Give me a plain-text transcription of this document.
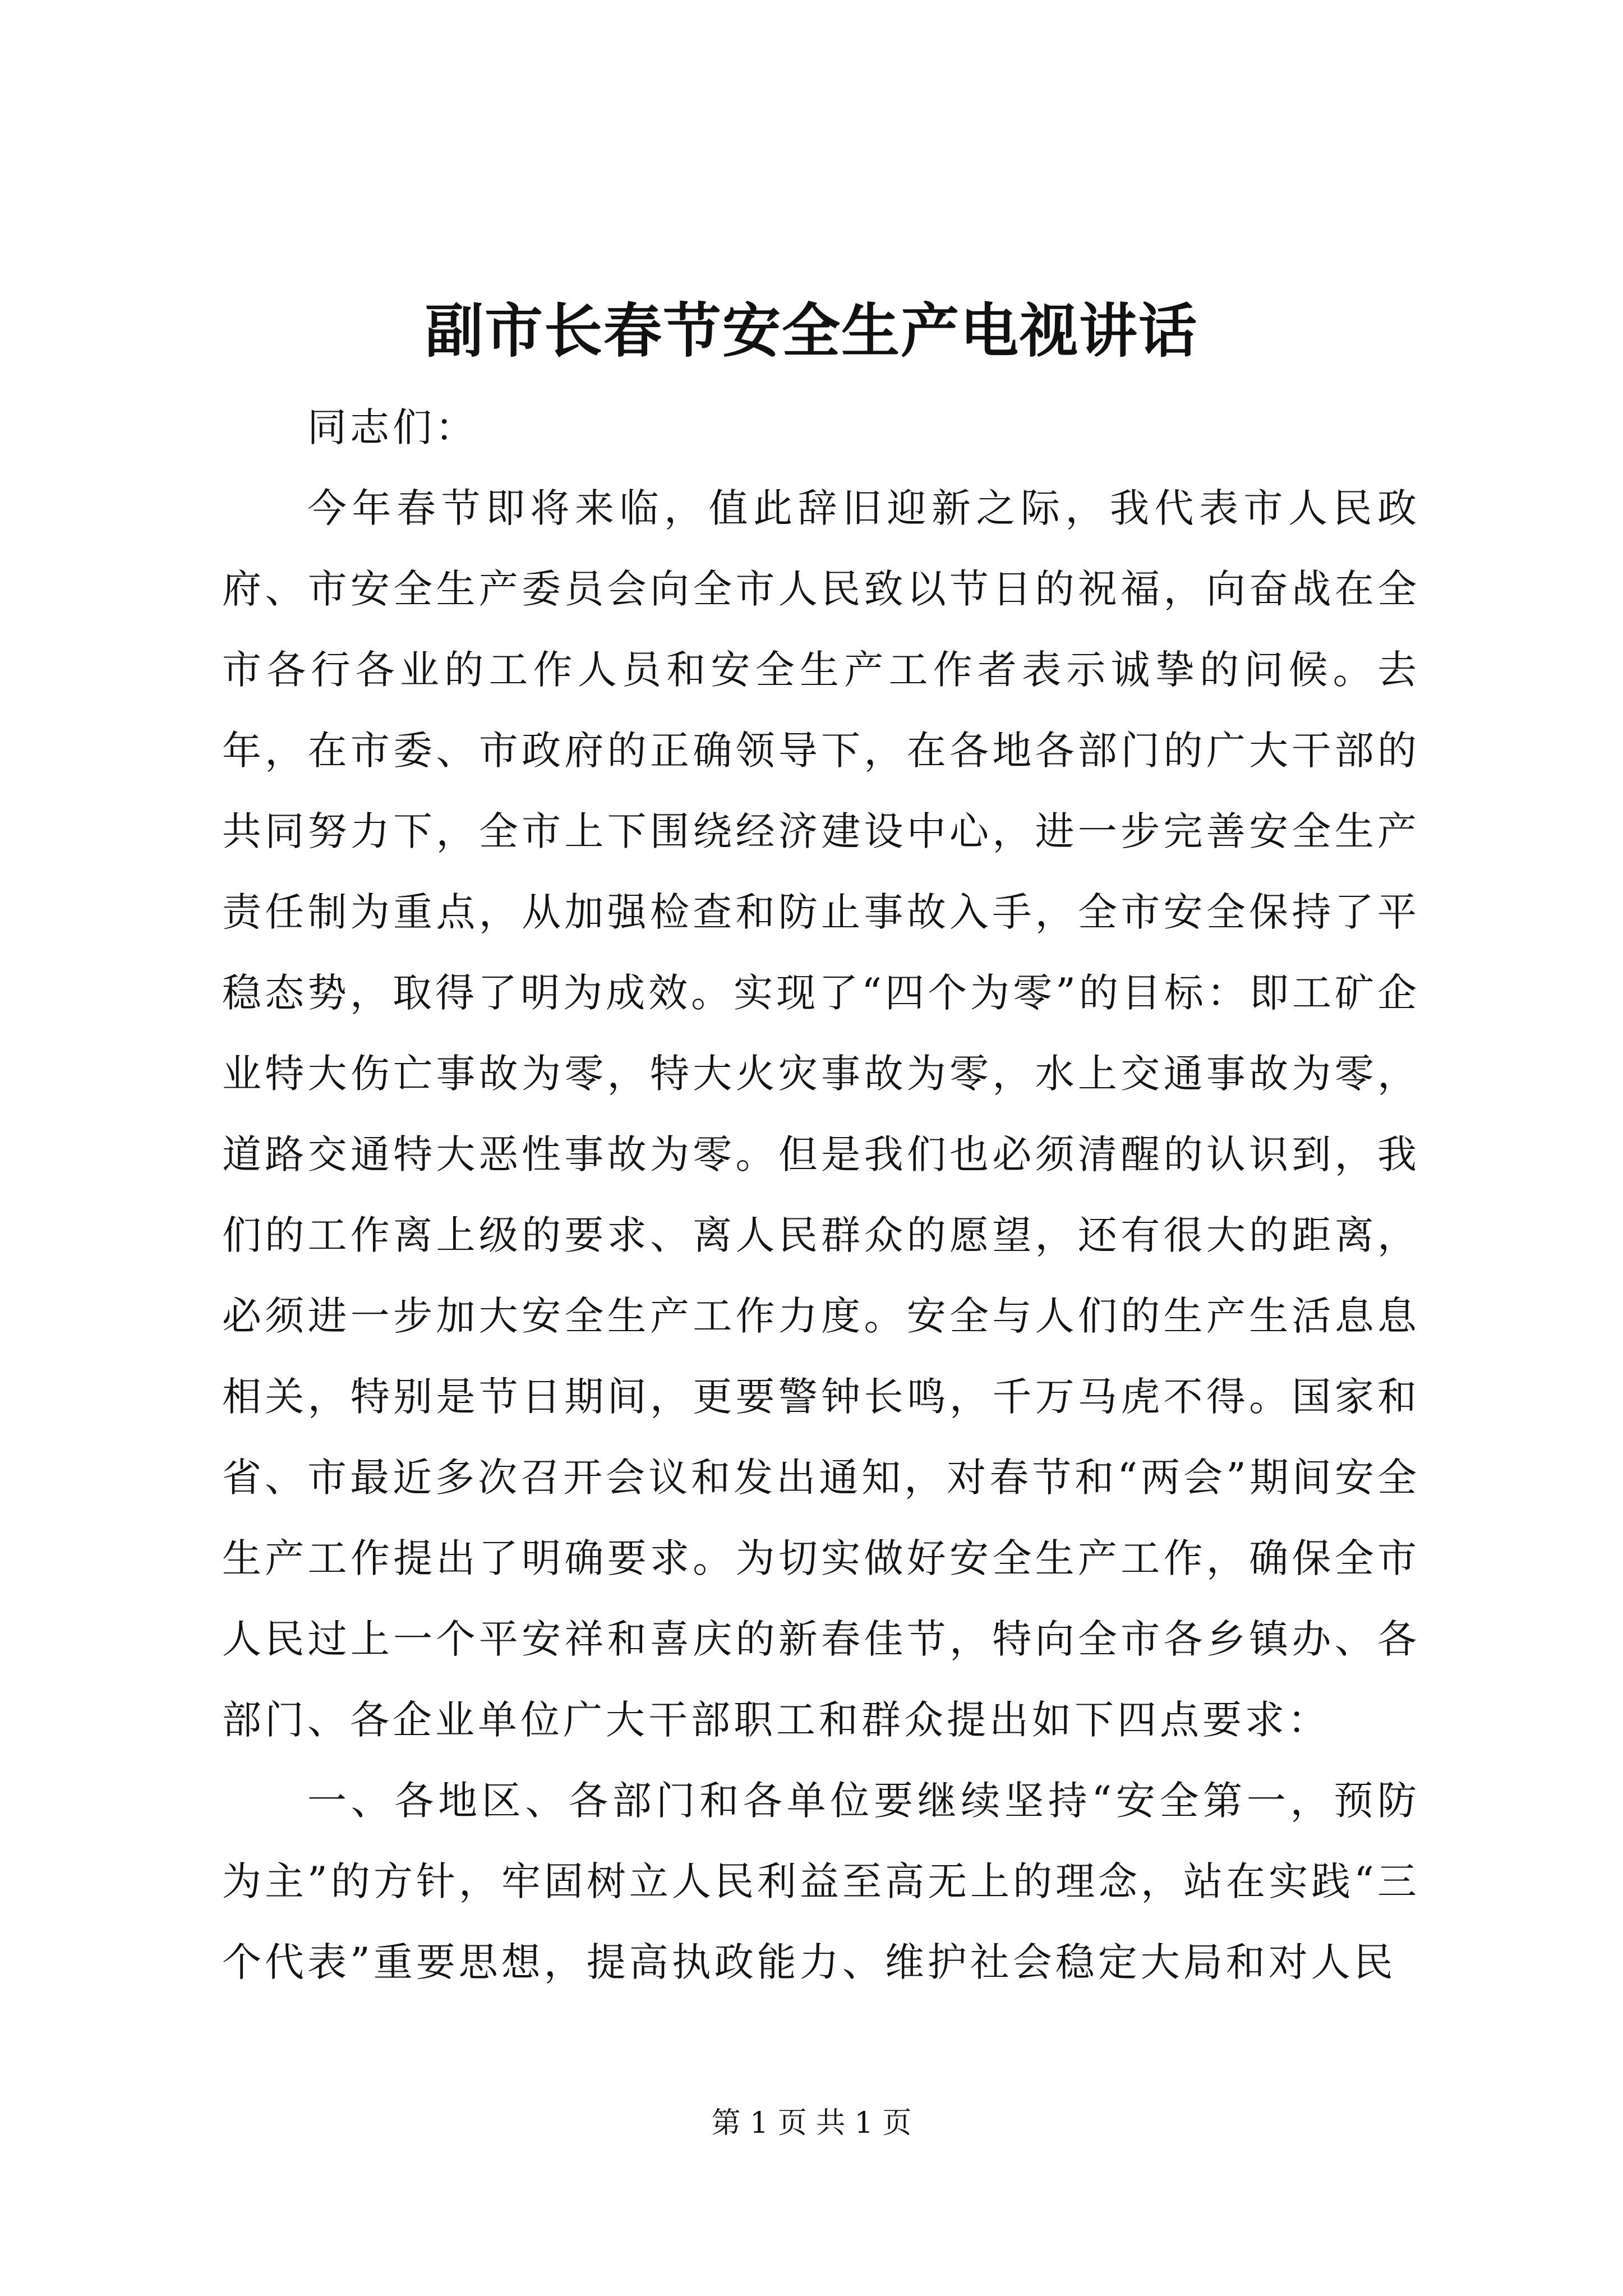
副市长春节安全生产电视讲话

同志们：

今年春节即将来临，值此辞旧迎新之际，我代表市人民政府、市安全生产委员会向全市人民致以节日的祝福，向奋战在全市各行各业的工作人员和安全生产工作者表示诚挚的问候。去年，在市委、市政府的正确领导下，在各地各部门的广大干部的共同努力下，全市上下围绕经济建设中心，进一步完善安全生产责任制为重点，从加强检查和防止事故入手，全市安全保持了平稳态势，取得了明为成效。实现了“四个为零”的目标：即工矿企业特大伤亡事故为零，特大火灾事故为零，水上交通事故为零，道路交通特大恶性事故为零。但是我们也必须清醒的认识到，我们的工作离上级的要求、离人民群众的愿望，还有很大的距离，必须进一步加大安全生产工作力度。安全与人们的生产生活息息相关，特别是节日期间，更要警钟长鸣，千万马虎不得。国家和省、市最近多次召开会议和发出通知，对春节和“两会”期间安全生产工作提出了明确要求。为切实做好安全生产工作，确保全市人民过上一个平安祥和喜庆的新春佳节，特向全市各乡镇办、各部门、各企业单位广大干部职工和群众提出如下四点要求：

一、各地区、各部门和各单位要继续坚持“安全第一，预防为主”的方针，牢固树立人民利益至高无上的理念，站在实践“三个代表”重要思想，提高执政能力、维护社会稳定大局和对人民

第 1 页 共 1 页
